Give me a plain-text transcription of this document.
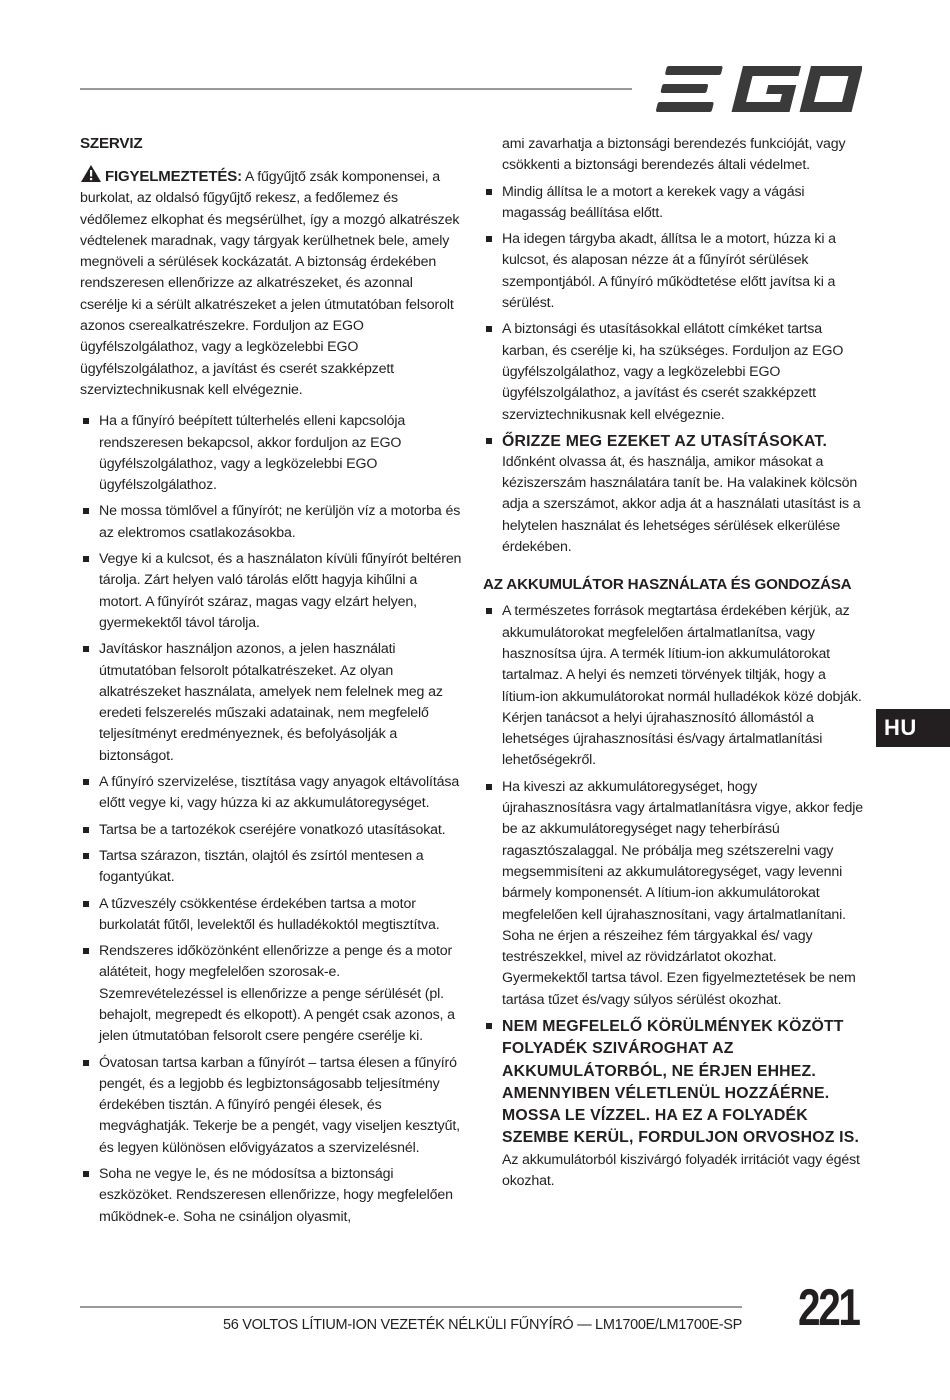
SZERVIZ

FIGYELMEZTETÉS: A fűgyűjtő zsák komponensei, a burkolat, az oldalsó fűgyűjtő rekesz, a fedőlemez és védőlemez elkophat és megsérülhet, így a mozgó alkatrészek védtelenek maradnak, vagy tárgyak kerülhetnek bele, amely megnöveli a sérülések kockázatát. A biztonság érdekében rendszeresen ellenőrizze az alkatrészeket, és azonnal cserélje ki a sérült alkatrészeket a jelen útmutatóban felsorolt azonos cserealkatrészekre. Forduljon az EGO ügyfélszolgálathoz, vagy a legközelebbi EGO ügyfélszolgálathoz, a javítást és cserét szakképzett szerviztechnikusnak kell elvégeznie.

Ha a fűnyíró beépített túlterhelés elleni kapcsolója rendszeresen bekapcsol, akkor forduljon az EGO ügyfélszolgálathoz, vagy a legközelebbi EGO ügyfélszolgálathoz.
Ne mossa tömlővel a fűnyírót; ne kerüljön víz a motorba és az elektromos csatlakozásokba.
Vegye ki a kulcsot, és a használaton kívüli fűnyírót beltéren tárolja. Zárt helyen való tárolás előtt hagyja kihűlni a motort. A fűnyírót száraz, magas vagy elzárt helyen, gyermekektől távol tárolja.
Javításkor használjon azonos, a jelen használati útmutatóban felsorolt pótalkatrészeket. Az olyan alkatrészeket használata, amelyek nem felelnek meg az eredeti felszerelés műszaki adatainak, nem megfelelő teljesítményt eredményeznek, és befolyásolják a biztonságot.
A fűnyíró szervizelése, tisztítása vagy anyagok eltávolítása előtt vegye ki, vagy húzza ki az akkumulátoregységet.
Tartsa be a tartozékok cseréjére vonatkozó utasításokat.
Tartsa szárazon, tisztán, olajtól és zsírtól mentesen a fogantyúkat.
A tűzveszély csökkentése érdekében tartsa a motor burkolatát fűtől, levelektől és hulladékoktól megtisztítva.
Rendszeres időközönként ellenőrizze a penge és a motor alátéteit, hogy megfelelően szorosak-e. Szemrevételezéssel is ellenőrizze a penge sérülését (pl. behajolt, megrepedt és elkopott). A pengét csak azonos, a jelen útmutatóban felsorolt csere pengére cserélje ki.
Óvatosan tartsa karban a fűnyírót – tartsa élesen a fűnyíró pengét, és a legjobb és legbiztonságosabb teljesítmény érdekében tisztán. A fűnyíró pengéi élesek, és megvághatják. Tekerje be a pengét, vagy viseljen kesztyűt, és legyen különösen elővigyázatos a szervizelésnél.
Soha ne vegye le, és ne módosítsa a biztonsági eszközöket. Rendszeresen ellenőrizze, hogy megfelelően működnek-e. Soha ne csináljon olyasmit,
ami zavarhatja a biztonsági berendezés funkcióját, vagy csökkenti a biztonsági berendezés általi védelmet.
Mindig állítsa le a motort a kerekek vagy a vágási magasság beállítása előtt.
Ha idegen tárgyba akadt, állítsa le a motort, húzza ki a kulcsot, és alaposan nézze át a fűnyírót sérülések szempontjából. A fűnyíró működtetése előtt javítsa ki a sérülést.
A biztonsági és utasításokkal ellátott címkéket tartsa karban, és cserélje ki, ha szükséges. Forduljon az EGO ügyfélszolgálathoz, vagy a legközelebbi EGO ügyfélszolgálathoz, a javítást és cserét szakképzett szerviztechnikusnak kell elvégeznie.
ŐRIZZE MEG EZEKET AZ UTASÍTÁSOKAT.
Időnként olvassa át, és használja, amikor másokat a kéziszerszám használatára tanít be. Ha valakinek kölcsön adja a szerszámot, akkor adja át a használati utasítást is a helytelen használat és lehetséges sérülések elkerülése érdekében.
AZ AKKUMULÁTOR HASZNÁLATA ÉS GONDOZÁSA
A természetes források megtartása érdekében kérjük, az akkumulátorokat megfelelően ártalmatlanítsa, vagy hasznosítsa újra. A termék lítium-ion akkumulátorokat tartalmaz. A helyi és nemzeti törvények tiltják, hogy a lítium-ion akkumulátorokat normál hulladékok közé dobják. Kérjen tanácsot a helyi újrahasznosító állomástól a lehetséges újrahasznosítási és/vagy ártalmatlanítási lehetőségekről.
Ha kiveszi az akkumulátoregységet, hogy újrahasznosításra vagy ártalmatlanításra vigye, akkor fedje be az akkumulátoregységet nagy teherbírású ragasztószalaggal. Ne próbálja meg szétszerelni vagy megsemmisíteni az akkumulátoregységet, vagy levenni bármely komponensét. A lítium-ion akkumulátorokat megfelelően kell újrahasznosítani, vagy ártalmatlanítani. Soha ne érjen a részeihez fém tárgyakkal és/ vagy testrészekkel, mivel az rövidzárlatot okozhat. Gyermekektől tartsa távol. Ezen figyelmeztetések be nem tartása tűzet és/vagy súlyos sérülést okozhat.
NEM MEGFELELŐ KÖRÜLMÉNYEK KÖZÖTT FOLYADÉK SZIVÁROGHAT AZ AKKUMULÁTORBÓL, NE ÉRJEN EHHEZ. AMENNYIBEN VÉLETLENÜL HOZZÁÉRNE. MOSSA LE VÍZZEL. HA EZ A FOLYADÉK SZEMBE KERÜL, FORDULJON ORVOSHOZ IS. Az akkumulátorból kiszivárgó folyadék irritációt vagy égést okozhat.
HU
56 VOLTOS LÍTIUM-ION VEZETÉK NÉLKÜLI FŰNYÍRÓ — LM1700E/LM1700E-SP 221
